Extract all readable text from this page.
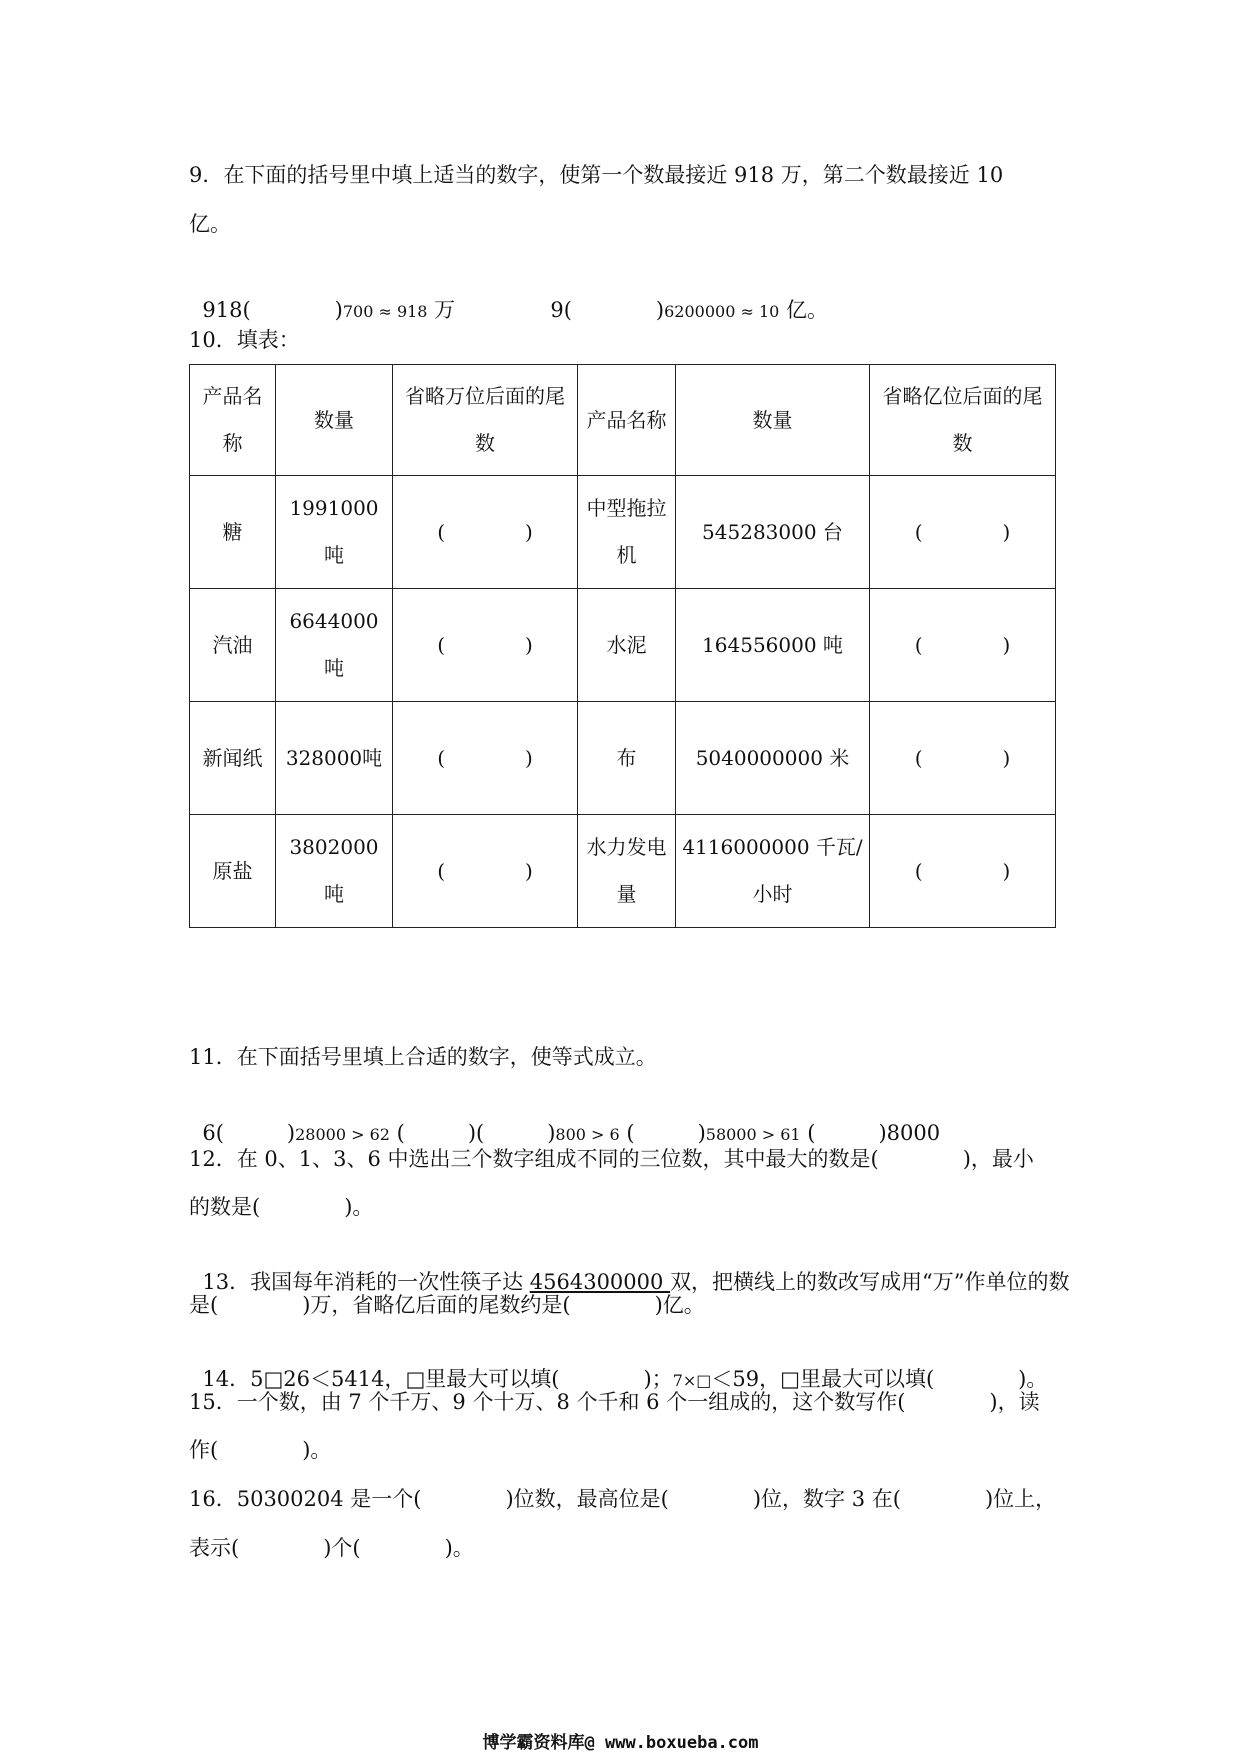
9．在下面的括号里中填上适当的数字，使第一个数最接近 918 万，第二个数最接近 10
亿。

918(　　　　)700 ≈ 918 万	9(　　　　)6200000 ≈ 10 亿。

10．填表：
产品名称	数量	省略万位后面的尾数	产品名称	数量	省略亿位后面的尾数
糖	1991000吨	(　　　　)	中型拖拉机	545283000 台	(　　　　)
汽油	6644000吨	(　　　　)	水泥	164556000 吨	(　　　　)
新闻纸	328000吨	(　　　　)	布	5040000000 米	(　　　　)
原盐	3802000吨	(　　　　)	水力发电量	4116000000 千瓦/小时	(　　　　)
11．在下面括号里填上合适的数字，使等式成立。

6(　　　)28000 > 62 (　　　)(　　　)800 > 6 (　　　)58000 > 61 (　　　)8000

12．在 0、1、3、6 中选出三个数字组成不同的三位数，其中最大的数是(　　　　)，最小
的数是(　　　　)。

13．我国每年消耗的一次性筷子达 4564300000 双，把横线上的数改写成用“万”作单位的数

是(　　　　)万，省略亿后面的尾数约是(　　　　)亿。

14．5□26＜5414，□里最大可以填(　　　　)；7×□＜59，□里最大可以填(　　　　)。

15．一个数，由 7 个千万、9 个十万、8 个千和 6 个一组成的，这个数写作(　　　　)，读
作(　　　　)。
16．50300204 是一个(　　　　)位数，最高位是(　　　　)位，数字 3 在(　　　　)位上，
表示(　　　　)个(　　　　)。
博学霸资料库@ www.boxueba.com
